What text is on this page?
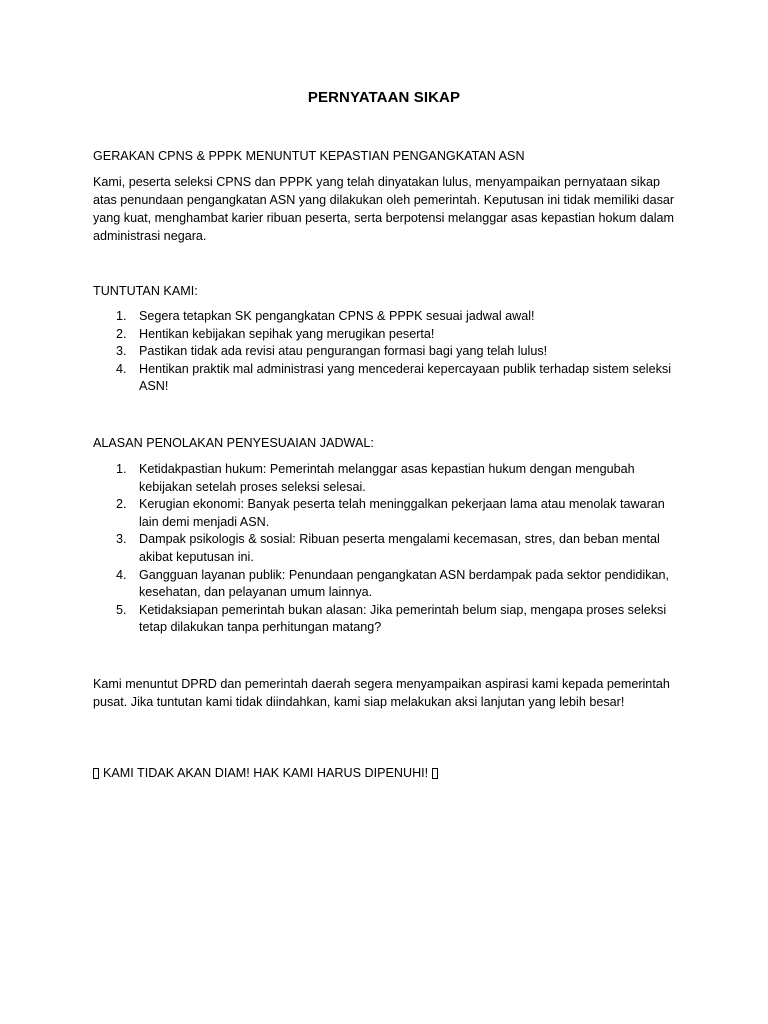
PERNYATAAN SIKAP
GERAKAN CPNS & PPPK MENUNTUT KEPASTIAN PENGANGKATAN ASN
Kami, peserta seleksi CPNS dan PPPK yang telah dinyatakan lulus, menyampaikan pernyataan sikap atas penundaan pengangkatan ASN yang dilakukan oleh pemerintah. Keputusan ini tidak memiliki dasar yang kuat, menghambat karier ribuan peserta, serta berpotensi melanggar asas kepastian hokum dalam administrasi negara.
TUNTUTAN KAMI:
1. Segera tetapkan SK pengangkatan CPNS & PPPK sesuai jadwal awal!
2. Hentikan kebijakan sepihak yang merugikan peserta!
3. Pastikan tidak ada revisi atau pengurangan formasi bagi yang telah lulus!
4. Hentikan praktik mal administrasi yang mencederai kepercayaan publik terhadap sistem seleksi ASN!
ALASAN PENOLAKAN PENYESUAIAN JADWAL:
1. Ketidakpastian hukum: Pemerintah melanggar asas kepastian hukum dengan mengubah kebijakan setelah proses seleksi selesai.
2. Kerugian ekonomi: Banyak peserta telah meninggalkan pekerjaan lama atau menolak tawaran lain demi menjadi ASN.
3. Dampak psikologis & sosial: Ribuan peserta mengalami kecemasan, stres, dan beban mental akibat keputusan ini.
4. Gangguan layanan publik: Penundaan pengangkatan ASN berdampak pada sektor pendidikan, kesehatan, dan pelayanan umum lainnya.
5. Ketidaksiapan pemerintah bukan alasan: Jika pemerintah belum siap, mengapa proses seleksi tetap dilakukan tanpa perhitungan matang?
Kami menuntut DPRD dan pemerintah daerah segera menyampaikan aspirasi kami kepada pemerintah pusat. Jika tuntutan kami tidak diindahkan, kami siap melakukan aksi lanjutan yang lebih besar!
KAMI TIDAK AKAN DIAM! HAK KAMI HARUS DIPENUHI!
